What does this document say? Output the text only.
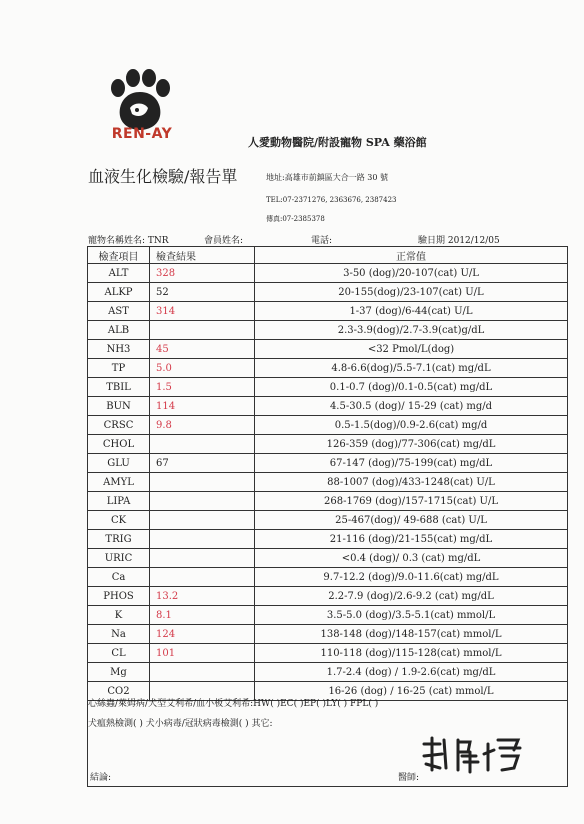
REN-AY
人愛動物醫院/附設寵物 SPA 藥浴館
血液生化檢驗/報告單	地址:高雄市前鎮區大合一路 30 號
TEL:07-2371276, 2363676, 2387423
傳真:07-2385378
寵物名稱姓名: TNR	會員姓名:	電話:	驗日期 2012/12/05
檢查項目	檢查結果	正常值
ALT	328	3-50 (dog)/20-107(cat) U/L
ALKP	52	20-155(dog)/23-107(cat) U/L
AST	314	1-37 (dog)/6-44(cat) U/L
ALB		2.3-3.9(dog)/2.7-3.9(cat)g/dL
NH3	45	<32 Pmol/L(dog)
TP	5.0	4.8-6.6(dog)/5.5-7.1(cat) mg/dL
TBIL	1.5	0.1-0.7 (dog)/0.1-0.5(cat) mg/dL
BUN	114	4.5-30.5 (dog)/ 15-29 (cat) mg/d
CRSC	9.8	0.5-1.5(dog)/0.9-2.6(cat) mg/d
CHOL		126-359 (dog)/77-306(cat) mg/dL
GLU	67	67-147 (dog)/75-199(cat) mg/dL
AMYL		88-1007 (dog)/433-1248(cat) U/L
LIPA		268-1769 (dog)/157-1715(cat) U/L
CK		25-467(dog)/ 49-688 (cat) U/L
TRIG		21-116 (dog)/21-155(cat) mg/dL
URIC		<0.4 (dog)/ 0.3 (cat) mg/dL
Ca		9.7-12.2 (dog)/9.0-11.6(cat) mg/dL
PHOS	13.2	2.2-7.9 (dog)/2.6-9.2 (cat) mg/dL
K	8.1	3.5-5.0 (dog)/3.5-5.1(cat) mmol/L
Na	124	138-148 (dog)/148-157(cat) mmol/L
CL	101	110-118 (dog)/115-128(cat) mmol/L
Mg		1.7-2.4 (dog) / 1.9-2.6(cat) mg/dL
CO2		16-26 (dog) / 16-25 (cat) mmol/L
心絲蟲/萊姆病/犬型艾利希/血小板艾利希:HW( )EC( )EP( )LY( ) FPL( )
犬瘟熱檢測( ) 犬小病毒/冠狀病毒檢測( ) 其它:
結論:	醫師:
